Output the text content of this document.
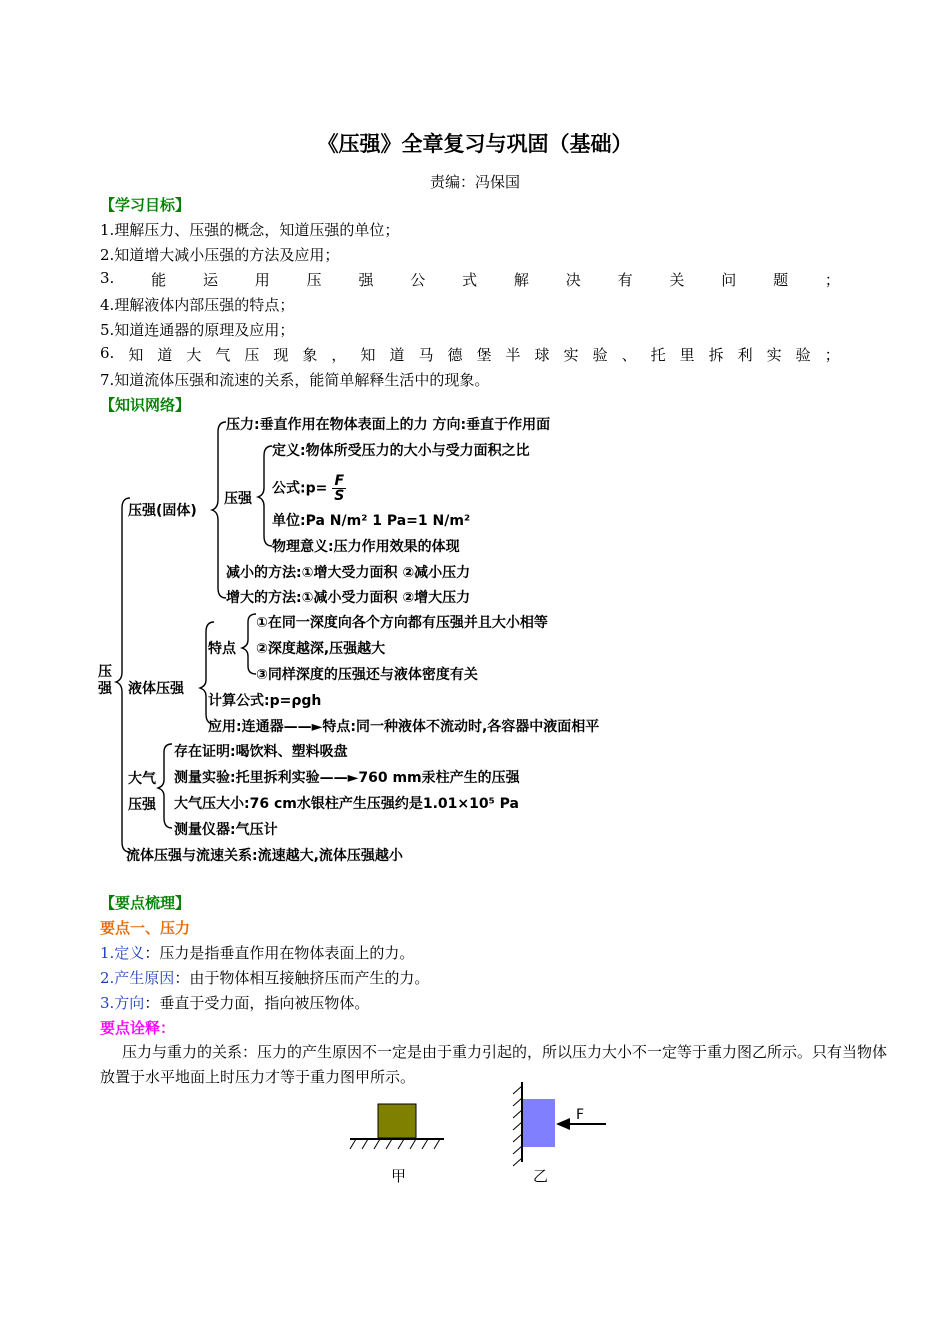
《压强》全章复习与巩固（基础）
责编：冯保国
【学习目标】
1.理解压力、压强的概念，知道压强的单位；
2.知道增大减小压强的方法及应用；
3. 能 运 用 压 强 公 式 解 决 有 关 问 题 ；
4.理解液体内部压强的特点；
5.知道连通器的原理及应用；
6. 知 道 大 气 压 现 象 ， 知 道 马 德 堡 半 球 实 验 、 托 里 拆 利 实 验 ；
7.知道流体压强和流速的关系，能简单解释生活中的现象。
【知识网络】
压强
压强(固体)
压力:垂直作用在物体表面上的力 方向:垂直于作用面
压强
定义:物体所受压力的大小与受力面积之比
公式:p= $\frac{F}{S}$
单位:Pa N/m² 1 Pa=1 N/m²
物理意义:压力作用效果的体现
减小的方法:①增大受力面积 ②减小压力
增大的方法:①减小受力面积 ②增大压力
液体压强
特点
①在同一深度向各个方向都有压强并且大小相等
②深度越深,压强越大
③同样深度的压强还与液体密度有关
计算公式:p=ρgh
应用:连通器——►特点:同一种液体不流动时,各容器中液面相平
大气
压强
存在证明:喝饮料、塑料吸盘
测量实验:托里拆利实验——►760 mm汞柱产生的压强
大气压大小:76 cm水银柱产生压强约是1.01×10⁵ Pa
测量仪器:气压计
流体压强与流速关系:流速越大,流体压强越小
【要点梳理】
要点一、压力
1.定义：压力是指垂直作用在物体表面上的力。
2.产生原因：由于物体相互接触挤压而产生的力。
3.方向：垂直于受力面，指向被压物体。
要点诠释：
压力与重力的关系：压力的产生原因不一定是由于重力引起的，所以压力大小不一定等于重力图乙所示。只有当物体放置于水平地面上时压力才等于重力图甲所示。
F
甲	乙
